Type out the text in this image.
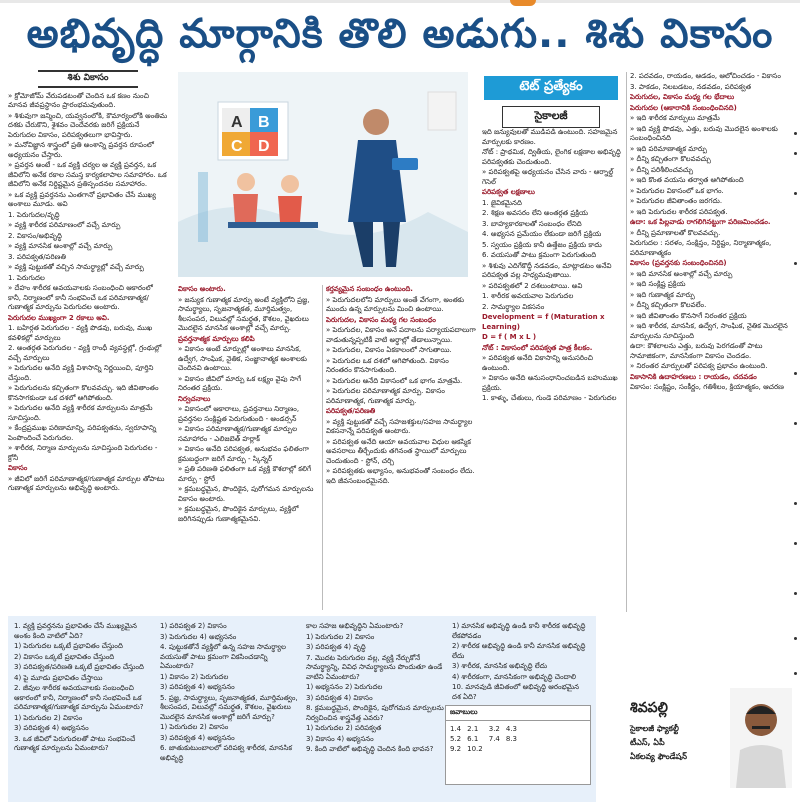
అభివృద్ధి మార్గానికి తొలి అడుగు.. శిశు వికాసం
శిశు వికాసం

» క్రోమోజోమ్ వేరుపడటంతో చెందిన ఒక కణం నుంచి మానవ జీవప్రస్థానం ప్రారంభమవుతుంది.

» శిశువుగా జన్మించి, యవ్వనంలోకి, కౌమార్యంలోకి అంతిమ దశకు చేరుకొని, శైశవం చెందేవరకు జరిగే ప్రక్రియనే పెరుగుదల వికాసం, పరిపక్వతలుగా భావిస్తారు.

» మనోవిజ్ఞాన శాస్త్రంలో ప్రతి అంశాన్ని ప్రవర్తన రూపంలో అధ్యయనం చేస్తారు.

» ప్రవర్తన అంటే - ఒక వ్యక్తి చర్యల ఆ వ్యక్తి ప్రవర్తన, ఒక జీవిలోని అనేక రకాల సమస్త కార్యకలాపాల సమాహారం. ఒక జీవిలోని అనేక నిర్దిష్టమైన ప్రతిస్పందనల సమాహారం.

» ఒక వ్యక్తి ప్రవర్తనను ఎంతగానో ప్రభావితం చేసే ముఖ్య అంశాలు మూడు. అవి

1. పెరుగుదల/వృద్ధి

» వ్యక్తి శారీరక పరిమాణంలో వచ్చే మార్పు

2. వికాసం/అభివృద్ధి

» వ్యక్తి మానసిక అంశాల్లో వచ్చే మార్పు

3. పరిపక్వత/పరిణతి

» వ్యక్తి పుట్టుకతో వచ్చిన సామర్థ్యాల్లో వచ్చే మార్పు

1. పెరుగుదల

» దేహం శారీరక అవయవాలకు సంబంధించి ఆకారంలో కానీ, నిర్మాణంలో కానీ సంభవించే ఒక పరిమాణాత్మక/గుణాత్మక మార్పును పెరుగుదల అంటారు.

పెరుగుదల ముఖ్యంగా 2 రకాలు అవి.

1. బహిర్గత పెరుగుదల - వ్యక్తి పొడవు, బరువు, ముఖ కవళికల్లో మార్పులు

2. అంతర్గత పెరుగుదల - వ్యక్తి రాంధీ వ్యవస్థల్లో, గ్రంథుల్లో వచ్చే మార్పులు

» పెరుగుదల అనేది వ్యక్తి విశాసాన్ని నిర్ణయించి, పూర్తిని చేస్తుంది.

» పెరుగుదలను కచ్చితంగా కొలవవచ్చు. ఇది జీవితాంతం కొనసాగకుండా ఒక దశలో ఆగిపోతుంది.

» పెరుగుదల అనేది వ్యక్తి శారీరక మార్పులను మాత్రమే సూచిస్తుంది.

» కేంద్రప్రముఖ పరిణామాన్ని, పరిపక్వతను, స్వరూపాన్ని పెంపొందించే పెరుగుదల.

» శారీరక, నిర్మాణ మార్పులను సూచిస్తుంది పెరుగుదల - క్రోనీ

వికాసం

» జీవిలో జరిగే పరిమాణాత్మక/గుణాత్మక మార్పుల తోపాటు గుణాత్మక మార్పులను అభివృద్ధి అంటారు.

A B
C D

వికాసం అంటారు.

» జన్యుక గుణాత్మక మార్పు అంటే వ్యక్తిలోని ప్రజ్ఞ, సామర్థ్యాలు, సృజనాత్మకత, మూర్తిమత్వం, శీలసంపద, విలువల్లో సమర్థత, కౌశలం, వైఖరులు మొదలైన మానసిక అంశాల్లో వచ్చే మార్పు.

ప్రవర్తనాత్మక మార్పులు కలిపి

» వికాసం అంటే మార్పుల్లో అంశాలు మానసిక, ఉద్వేగ, సాంఘిక, నైతిక, సంజ్ఞానాత్మక అంశాలకు చెందినవి ఉంటాయి.

» వికాసం జీవిలో మార్పు ఒక లక్ష్యం వైపు సాగే నిరంతర ప్రక్రియ.

నిర్వచనాలు

» వికాసంలో ఆకారాలు, ప్రవర్తనాలు నిర్మాణం, ప్రవర్తనల సంక్లిష్టత పెరుగుతుంది - ఆండర్సన్

» వికాసం పరిమాణాత్మక/గుణాత్మక మార్పుల సమాహారం - ఎలిజబెత్ హర్లాక్

» వికాసం అనేది పరిపక్వత, అనుభవం ఫలితంగా క్రమబద్ధంగా జరిగే మార్పు - స్కిన్నర్

» ప్రతి పరిణతి ఫలితంగా ఒక వ్యక్తి కౌశలాల్లో కలిగే మార్పు - స్టోరే

» క్రమబద్ధమైన, పొందికైన, పురోగమన మార్పులను వికాసం అంటారు.

» క్రమబద్ధమైన, పొందికైన మార్పులు, వ్యక్తిలో జరిగినప్పుడు గుణాత్మకమైనవి.

కర్తవ్యమైన సంబంధం ఉంటుంది.

» పెరుగుదలలోని మార్పులు అంతే వేగంగా, అంతకు ముందు ఉన్న మార్పులను మించి ఉంటాయి.

పెరుగుదల, వికాసం మధ్య గల సంబంధం

» పెరుగుదల, వికాసం అనే పదాలను పర్యాయపదాలుగా వాడుతున్నప్పటికీ వాటి అర్థాల్లో తేడాలున్నాయి.

» పెరుగుదల, వికాసం ఏకకాలంలో సాగుతాయి.

» పెరుగుదల ఒక దశలో ఆగిపోతుంది. వికాసం నిరంతరం కొనసాగుతుంది.

» పెరుగుదల అనేది వికాసంలో ఒక భాగం మాత్రమే.

» పెరుగుదల పరిమాణాత్మక మార్పు. వికాసం పరిమాణాత్మక, గుణాత్మక మార్పు.

పరిపక్వత/పరిణతి

» వ్యక్తి పుట్టుకతో వచ్చే సహజశక్తుల/సహజ సామర్థ్యాల వికసనాన్నే పరిపక్వత అంటారు.

» పరిపక్వత అనేది ఆయా అవయవాల విధుల ఆకస్మిక అవసరాలు తీర్చేందుకు తగినంత స్థాయిలో మార్పులు చెందుతుంది - స్టోన్, చర్చి

» పరిపక్వతకు అభ్యాసం, అనుభవంతో సంబంధం లేదు. ఇది జీవసంబంధమైనది.

టెట్ ప్రత్యేకం
సైకాలజీ

ఇది జన్యువులతో ముడిపడి ఉంటుంది. సహజమైన మార్పులకు కారణం.

నోట్ : ప్రాథమిక, ద్వితీయ, లైంగిక లక్షణాల అభివృద్ధి పరిపక్వతకు చెందుతుంది.

» పరిపక్వతపై అధ్యయనం చేసిన వారు - ఆర్నాల్డ్ గెసెల్

పరిపక్వత లక్షణాలు

1. జైవికమైనది

2. శిక్షణ అవసరం లేని అంతర్గత ప్రక్రియ

3. బాహ్యకారకాలతో సంబంధం లేనిది

4. అభ్యసన ప్రమేయం లేకుండా జరిగే ప్రక్రియ

5. స్వయం ప్రక్రియ కానీ ఉత్తేజం ప్రక్రియ కాదు

6. వయసుతో పాటు క్రమంగా పెరుగుతుంది

» శిశువు ఎదిగేకొద్దీ నడవడం, మాట్లాడటం అనేవి పరిపక్వత వల్ల సాధ్యమవుతాయి.

» పరిపక్వతలో 2 దశలుంటాయి. అవి

1. శారీరక అవయవాల పెరుగుదల

2. సామర్థ్యాల వికసనం

Development = f (Maturation x Learning)

D = f ( M x L )

నోట్ : వికాసంలో పరిపక్వత పాత్ర కీలకం.

» పరిపక్వత అనేది వికాసాన్ని అనుసరించి ఉంటుంది.

» వికాసం అనేది అనుసంధానించబడిన బహుముఖ ప్రక్రియ.

1. కాళ్ళు, చేతులు, గుండె పరిమాణం - పెరుగుదల

2. పదవడం, రాయడం, ఆడడం, ఆలోచించడం - వికాసం

3. పాకడం, నిలబడటం, నడవడం, పరిపక్వత

పెరుగుదల, వికాసం మధ్య గల భేదాలు

పెరుగుదల (ఆకారానికి సంబంధించినది)

» ఇది శారీరక మార్పులు మాత్రమే

» ఇది వ్యక్తి పొడవు, ఎత్తు, బరువు మొదలైన అంశాలకు సంబంధించినది

» ఇది పరిమాణాత్మక మార్పు

» దీన్ని కచ్చితంగా కొలవవచ్చు

» దీన్ని పరిశీలించవచ్చు

» ఇది కొంత వయసు తర్వాత ఆగిపోతుంది

» పెరుగుదల వికాసంలో ఒక భాగం.

» పెరుగుదల జీవితాంతం జరగదు.

» ఇది పెరుగుదల శారీరక పరిపక్వత.

ఉదా: ఒక పిల్లవాడు రాగలిగినట్టుగా పరిణమించడం.

» దీన్ని ప్రమాణాలతో కొలవవచ్చు.

పెరుగుదల : సరళం, సంక్షిప్తం, నిర్దిష్టం, నిర్మాణాత్మకం, పరిమాణాత్మకం

వికాసం (ప్రవర్తనకు సంబంధించినది)

» ఇది మానసిక అంశాల్లో వచ్చే మార్పు

» ఇది సంక్లిష్ట ప్రక్రియ

» ఇది గుణాత్మక మార్పు

» దీన్ని కచ్చితంగా కొలవలేం.

» ఇది జీవితాంతం కొనసాగే నిరంతర ప్రక్రియ

» ఇది శారీరక, మానసిక, ఉద్వేగ, సాంఘిక, నైతిక మొదలైన మార్పులను సూచిస్తుంది

ఉదా: కౌశలాలను ఎత్తు, బరువు పెరగడంతో పాటు సామాజికంగా, మానసికంగా వికాసం చెందడం.

» నిరంతర మార్పులతో పరిపక్వ ప్రభావం ఉంటుంది.

వికాసానికి ఉదాహరణలు : రాయడం, చదవడం

వికాసం: సంక్లిష్టం, సంకీర్ణం, గతిశీలం, క్రియాత్మకం, ఆచరణ

1. వ్యక్తి ప్రవర్తనను ప్రభావితం చేసే ముఖ్యమైన అంశం కింది వాటిలో ఏది?

1) పెరుగుదల ఒక్కటే ప్రభావితం చేస్తుంది

2) వికాసం ఒక్కటే ప్రభావితం చేస్తుంది

3) పరిపక్వత/పరిణతి ఒక్కటే ప్రభావితం చేస్తుంది

4) పై మూడు ప్రభావితం చేస్తాయి

2. జీవుల శారీరక అవయవాలకు సంబంధించి ఆకారంలో కానీ, నిర్మాణంలో కానీ సంభవించే ఒక పరిమాణాత్మక/గుణాత్మక మార్పును ఏమంటారు?

1) పెరుగుదల 2) వికాసం

3) పరిపక్వత 4) అభ్యసనం

3. ఒక జీవిలో పెరుగుదలతో పాటు సంభవించే గుణాత్మక మార్పులను ఏమంటారు?

1) పరిపక్వత 2) వికాసం

3) పెరుగుదల 4) అభ్యసనం

4. పుట్టుకతోనే వ్యక్తిలో ఉన్న సహజ సామర్థ్యాల వయసుతో పాటు క్రమంగా వికసించడాన్ని ఏమంటారు?

1) వికాసం 2) పెరుగుదల

3) పరిపక్వత 4) అభ్యసనం

5. ప్రజ్ఞ, సామర్థ్యాలు, సృజనాత్మకత, మూర్తిమత్వం, శీలసంపద, విలువల్లో సమర్థత, కౌశలం, వైఖరులు మొదలైన మానసిక అంశాల్లో జరిగే మార్పు?

1) పెరుగుదల 2) వికాసం

3) పరిపక్వత 4) అభ్యసనం

6. జాతుకుటుంబాలలో పరిపక్వ శారీరక, మానసిక అభివృద్ధి

కాల సహజ అభివృద్ధిని ఏమంటారు?

1) పెరుగుదల 2) వికాసం

3) పరిపక్వత 4) వృద్ధి

7. మొదట పెరుగుదల వల్ల, వ్యక్తి నేర్చుకోనే సామర్థ్యాన్ని, వివిధ సామర్థ్యాలను పొందుతూ ఉండే వాటిని ఏమంటారు?

1) అభ్యసనం 2) పెరుగుదల

3) పరిపక్వత 4) వికాసం

8. క్రమబద్ధమైన, పొందికైన, పురోగమన మార్పులను నిర్వచించిన శాస్త్రవేత్త ఎవరు?

1) పెరుగుదల 2) పరిపక్వత

3) వికాసం 4) అభ్యసనం

9. కింది వాటిలో అభివృద్ధి చెందిన కింది భావన?

1) మానసిక అభివృద్ధి ఉండి కానీ శారీరక అభివృద్ధి లేకపోవడం

2) శారీరక అభివృద్ధి ఉండి కానీ మానసిక అభివృద్ధి లేదు

3) శారీరక, మానసిక అభివృద్ధి లేదు

4) శారీరకంగా, మానసికంగా అభివృద్ధి చెందాలి

10. మానవుడి జీవితంలో అభివృద్ధి ఆరంభమైన దశ ఏది?

జవాబులు
1.4	2.1	3.2	4.3
5.2	6.1	7.4	8.3
9.2	10.2		
శివపల్లి
సైకాలజీ ఫ్యాకల్టీ
టీఎస్, ఏపీ
ఏకలవ్య ఫౌండేషన్
